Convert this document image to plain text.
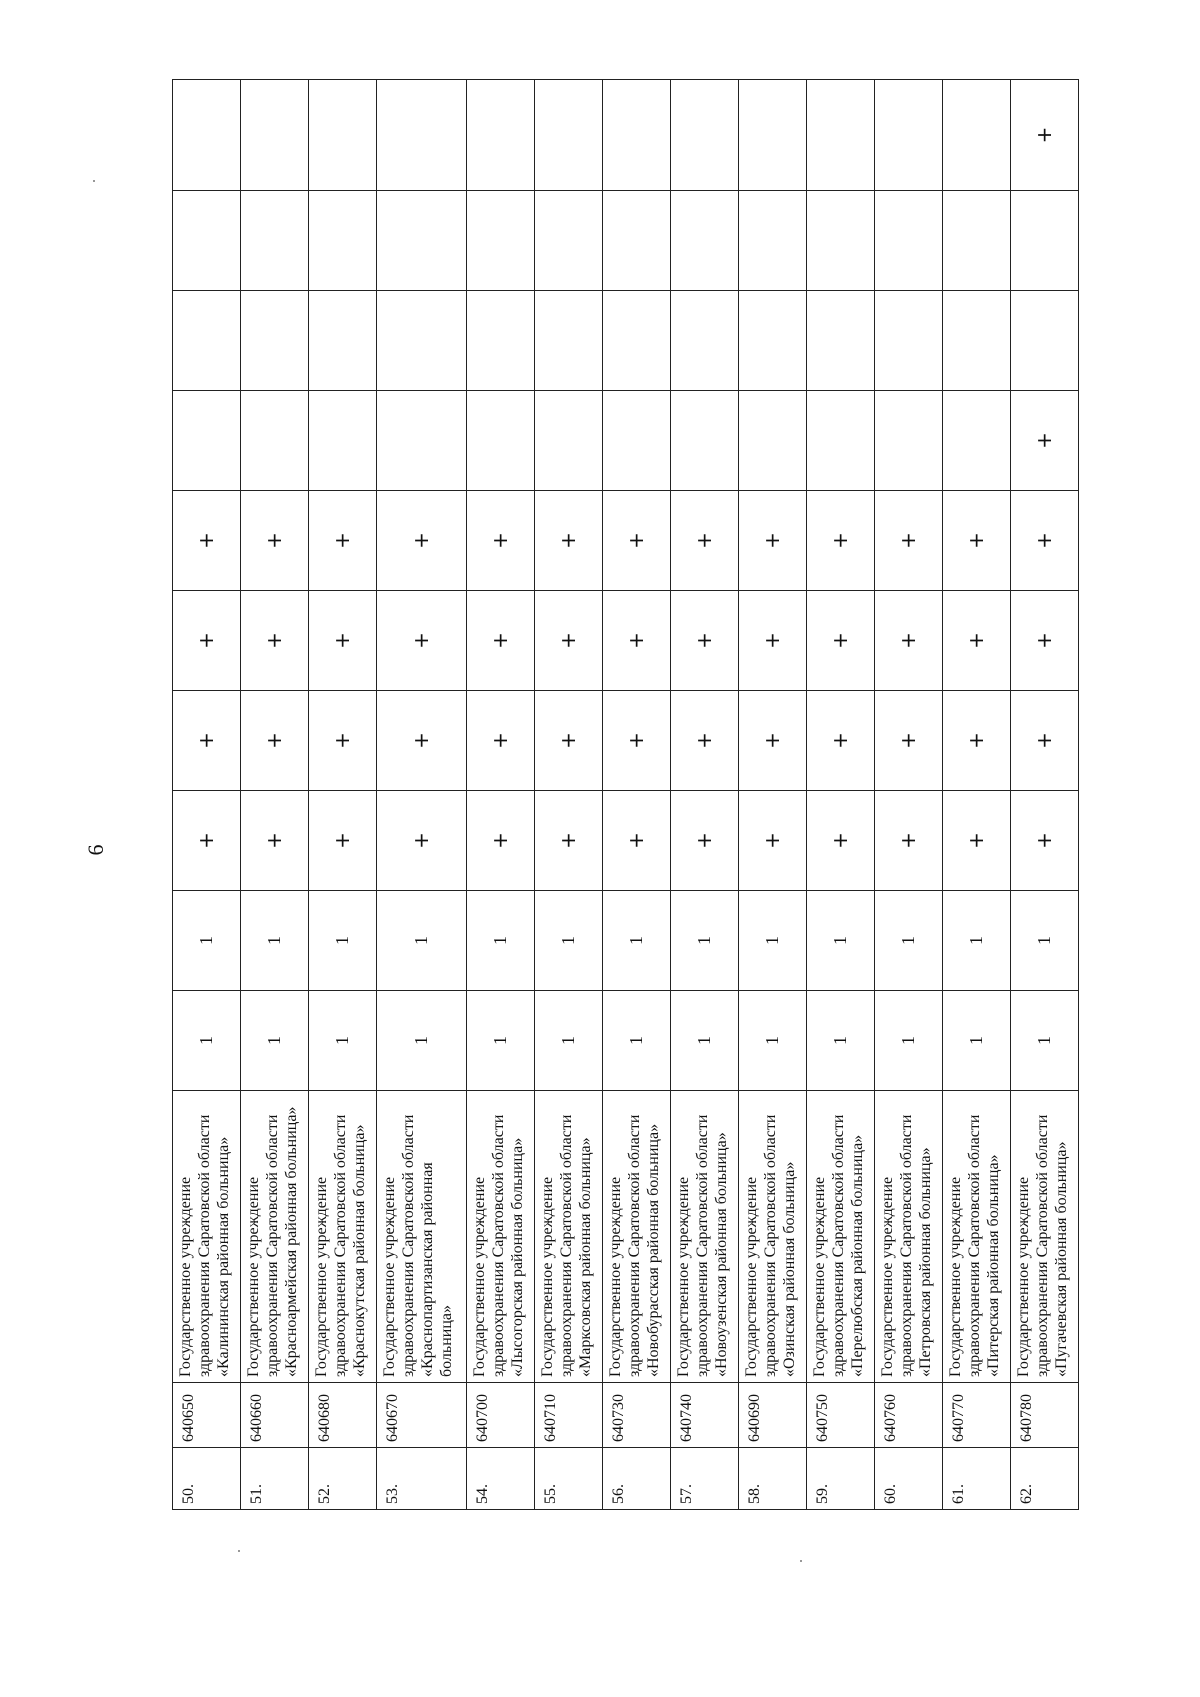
6
50.	640650	Государственное учреждение здравоохранения Саратовской области «Калининская районная больница»	1	1	+	+	+	+				
51.	640660	Государственное учреждение здравоохранения Саратовской области «Красноармейская районная больница»	1	1	+	+	+	+				
52.	640680	Государственное учреждение здравоохранения Саратовской области «Краснокутская районная больница»	1	1	+	+	+	+				
53.	640670	Государственное учреждение здравоохранения Саратовской области «Краснопартизанская районная больница»	1	1	+	+	+	+				
54.	640700	Государственное учреждение здравоохранения Саратовской области «Лысогорская районная больница»	1	1	+	+	+	+				
55.	640710	Государственное учреждение здравоохранения Саратовской области «Марксовская районная больница»	1	1	+	+	+	+				
56.	640730	Государственное учреждение здравоохранения Саратовской области «Новобурасская районная больница»	1	1	+	+	+	+				
57.	640740	Государственное учреждение здравоохранения Саратовской области «Новоузенская районная больница»	1	1	+	+	+	+				
58.	640690	Государственное учреждение здравоохранения Саратовской области «Озинская районная больница»	1	1	+	+	+	+				
59.	640750	Государственное учреждение здравоохранения Саратовской области «Перелюбская районная больница»	1	1	+	+	+	+				
60.	640760	Государственное учреждение здравоохранения Саратовской области «Петровская районная больница»	1	1	+	+	+	+				
61.	640770	Государственное учреждение здравоохранения Саратовской области «Питерская районная больница»	1	1	+	+	+	+				
62.	640780	Государственное учреждение здравоохранения Саратовской области «Пугачевская районная больница»	1	1	+	+	+	+	+			+
